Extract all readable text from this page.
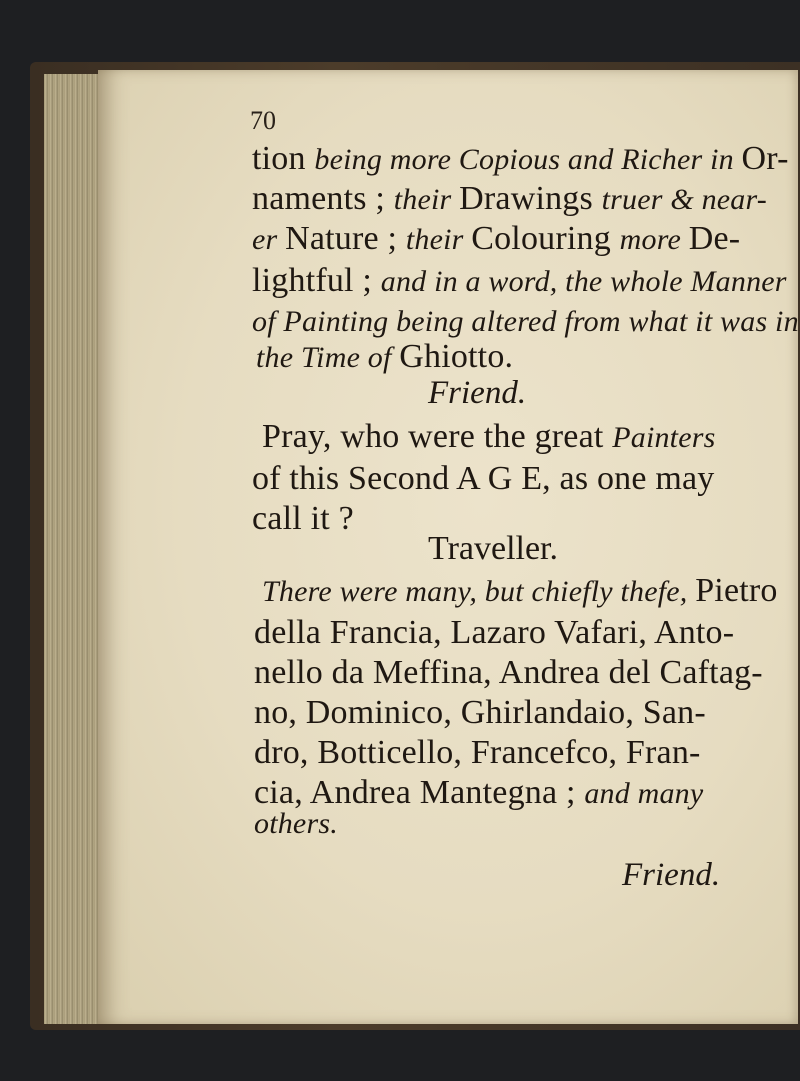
70
tion being more Copious and Richer in Or-
naments ; their Drawings truer & near-
er Nature ; their Colouring more De-
lightful ; and in a word, the whole Manner
of Painting being altered from what it was in
the Time of Ghiotto.
Friend.
Pray, who were the great Painters
of this Second A G E, as one may
call it ?
Traveller.
There were many, but chiefly thefe, Pietro
della Francia, Lazaro Vafari, Anto-
nello da Meffina, Andrea del Caftag-
no, Dominico, Ghirlandaio, San-
dro, Botticello, Francefco, Fran-
cia, Andrea Mantegna ; and many
others.
Friend.
